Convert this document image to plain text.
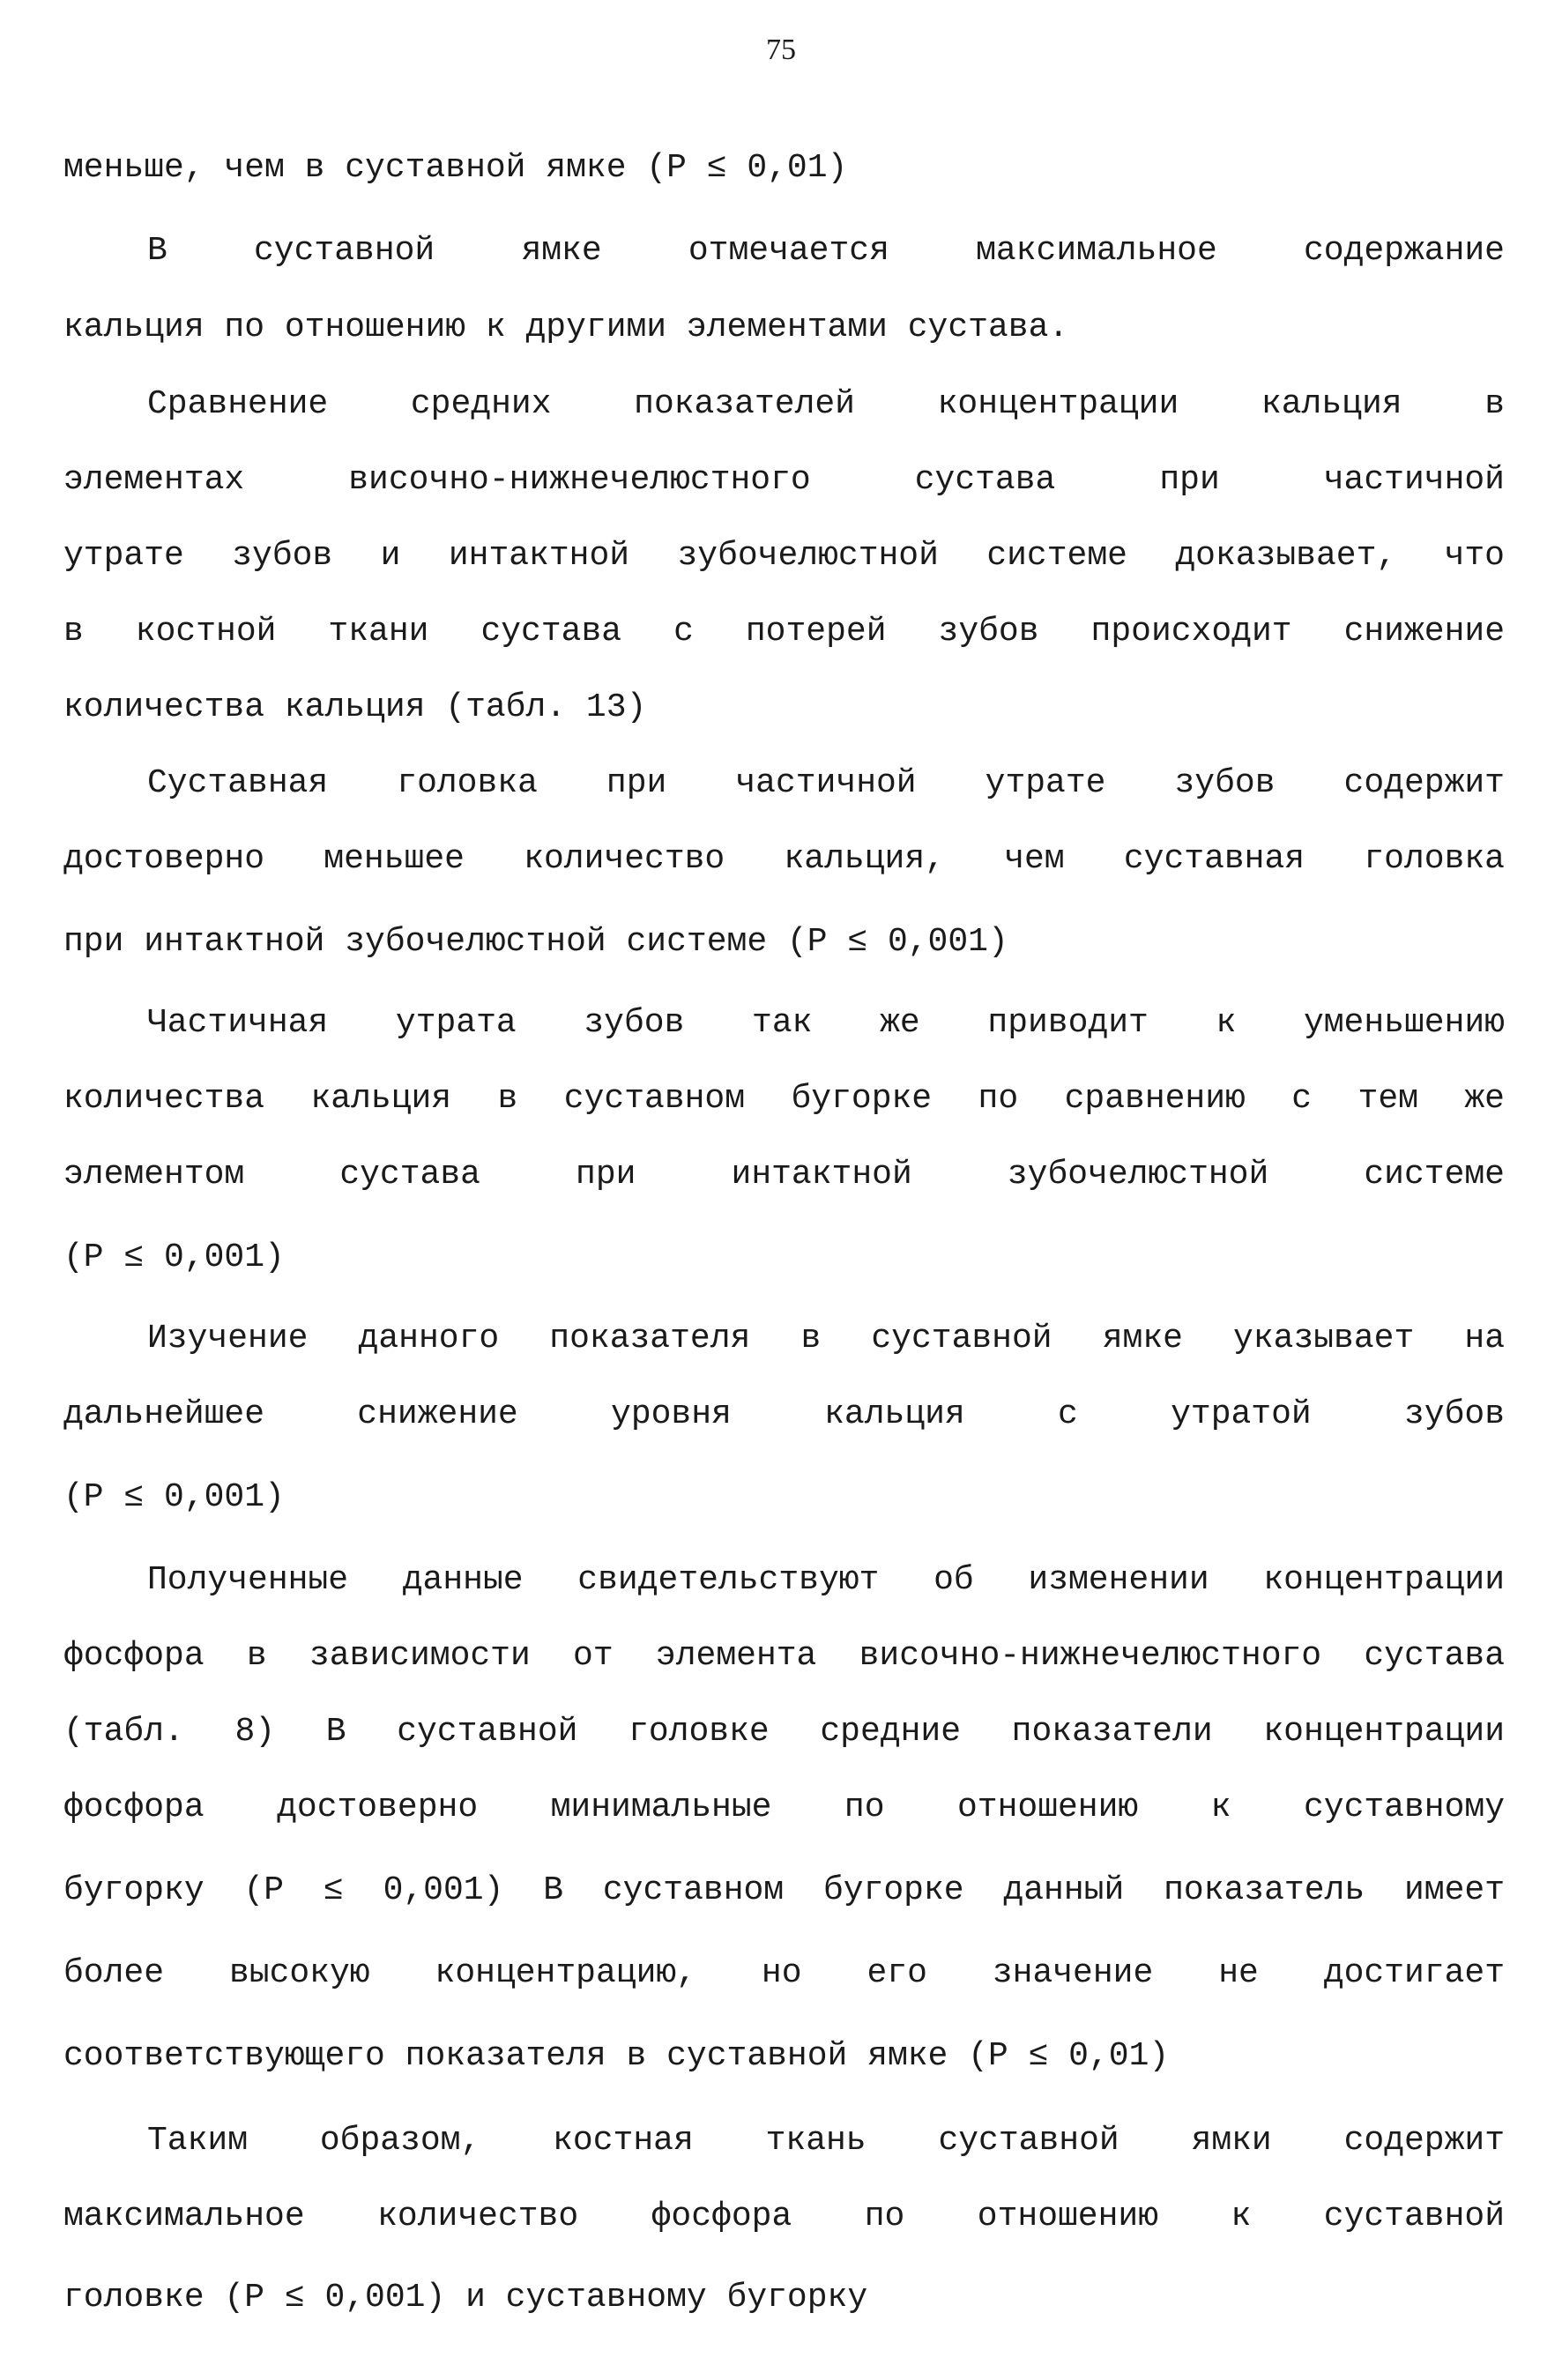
75
меньше, чем в суставной ямке (P ≤ 0,01)
В суставной ямке отмечается максимальное содержание
кальция по отношению к другими элементами сустава.
Сравнение средних показателей концентрации кальция в
элементах височно-нижнечелюстного сустава при частичной
утрате зубов и интактной зубочелюстной системе доказывает, что
в костной ткани сустава с потерей зубов происходит снижение
количества кальция (табл. 13)
Суставная головка при частичной утрате зубов содержит
достоверно меньшее количество кальция, чем суставная головка
при интактной зубочелюстной системе (P ≤ 0,001)
Частичная утрата зубов так же приводит к уменьшению
количества кальция в суставном бугорке по сравнению с тем же
элементом сустава при интактной зубочелюстной системе
(P ≤ 0,001)
Изучение данного показателя в суставной ямке указывает на
дальнейшее снижение уровня кальция с утратой зубов
(P ≤ 0,001)
Полученные данные свидетельствуют об изменении концентрации
фосфора в зависимости от элемента височно-нижнечелюстного сустава
(табл. 8) В суставной головке средние показатели концентрации
фосфора достоверно минимальные по отношению к суставному
бугорку (P ≤ 0,001) В суставном бугорке данный показатель имеет
более высокую концентрацию, но его значение не достигает
соответствующего показателя в суставной ямке (P ≤ 0,01)
Таким образом, костная ткань суставной ямки содержит
максимальное количество фосфора по отношению к суставной
головке (P ≤ 0,001) и суставному бугорку
